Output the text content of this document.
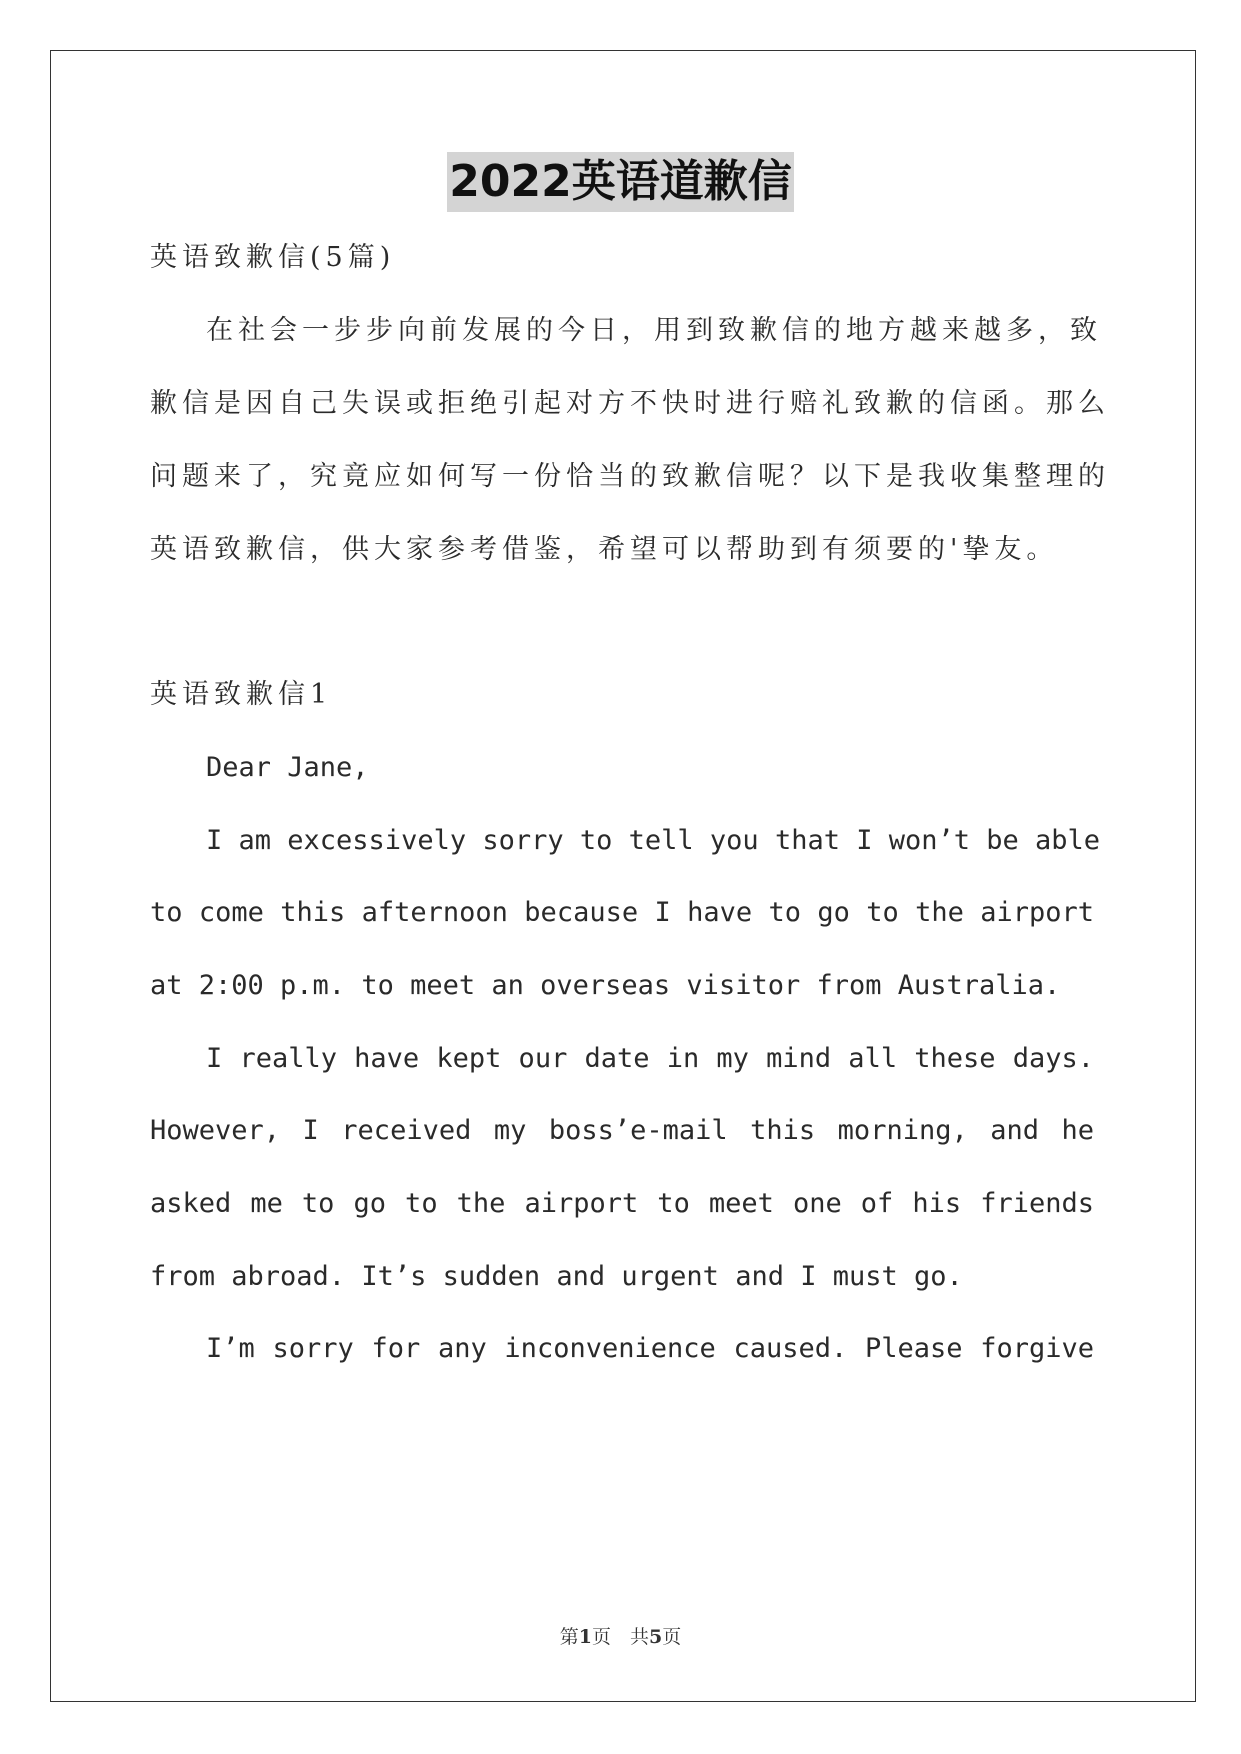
2022英语道歉信
英语致歉信(5篇)
在社会一步步向前发展的今日，用到致歉信的地方越来越多，致
歉信是因自己失误或拒绝引起对方不快时进行赔礼致歉的信函。那么
问题来了，究竟应如何写一份恰当的致歉信呢？以下是我收集整理的
英语致歉信，供大家参考借鉴，希望可以帮助到有须要的'挚友。
英语致歉信1
Dear Jane,
I am excessively sorry to tell you that I won’t be able
to come this afternoon because I have to go to the airport
at 2:00 p.m. to meet an overseas visitor from Australia.
I really have kept our date in my mind all these days.
However, I received my boss’e-mail this morning, and he
asked me to go to the airport to meet one of his friends
from abroad. It’s sudden and urgent and I must go.
I’m sorry for any inconvenience caused. Please forgive
第1页　共5页
